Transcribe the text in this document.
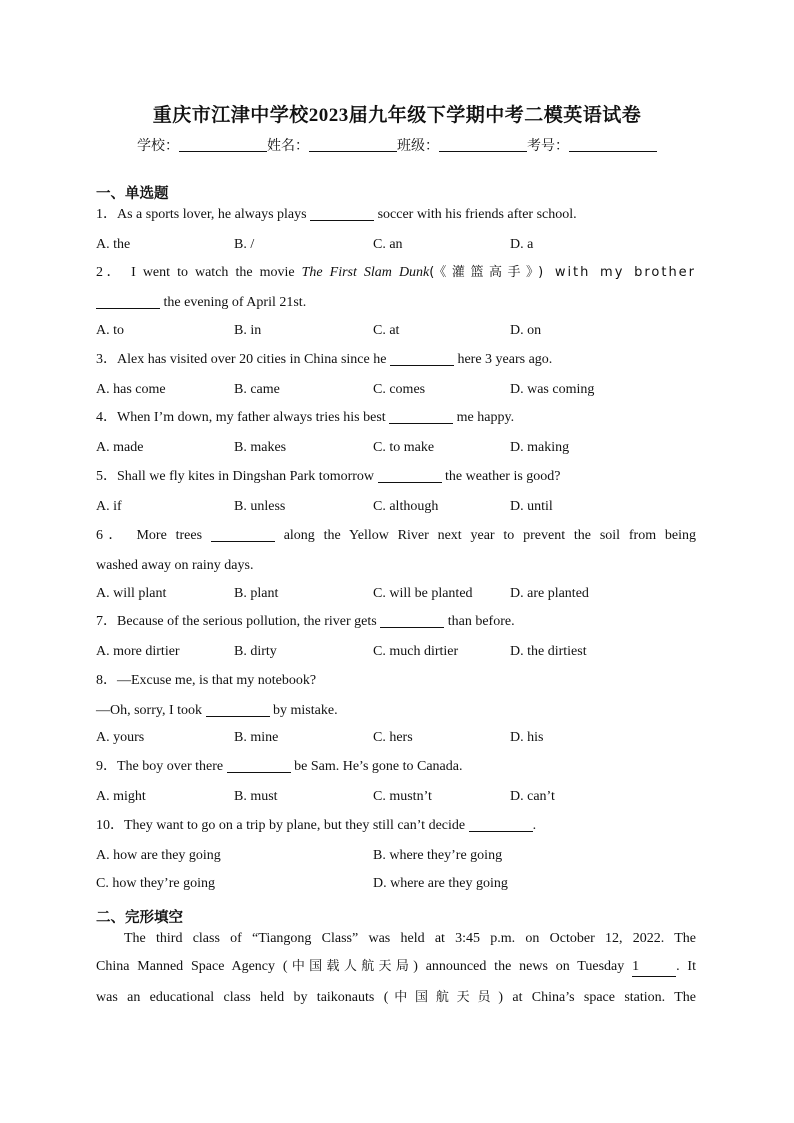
重庆市江津中学校2023届九年级下学期中考二模英语试卷
学校：	姓名：	班级：	考号：
一、单选题
1．As a sports lover, he always plays	soccer with his friends after school.
A. the	B. /	C. an	D. a
2． I went to watch the movie The First Slam Dunk(《灌篮高手》) with my brother
the evening of April 21st.
A. to	B. in	C. at	D. on
3．Alex has visited over 20 cities in China since he	here 3 years ago.
A. has come	B. came	C. comes	D. was coming
4．When I’m down, my father always tries his best	me happy.
A. made	B. makes	C. to make	D. making
5．Shall we fly kites in Dingshan Park tomorrow	the weather is good?
A. if	B. unless	C. although	D. until
6． More trees	along the Yellow River next year to prevent the soil from being
washed away on rainy days.
A. will plant	B. plant	C. will be planted	D. are planted
7．Because of the serious pollution, the river gets	than before.
A. more dirtier	B. dirty	C. much dirtier	D. the dirtiest
8．—Excuse me, is that my notebook?
—Oh, sorry, I took	by mistake.
A. yours	B. mine	C. hers	D. his
9．The boy over there	be Sam. He’s gone to Canada.
A. might	B. must	C. mustn’t	D. can’t
10．They want to go on a trip by plane, but they still can’t decide	.
A. how are they going	B. where they’re going
C. how they’re going	D. where are they going
二、完形填空
The third class of “Tiangong Class” was held at 3:45 p.m. on October 12, 2022. The
China Manned Space Agency (中国载人航天局) announced the news on Tuesday 1	. It
was an educational class held by taikonauts (中国航天员) at China’s space station. The
